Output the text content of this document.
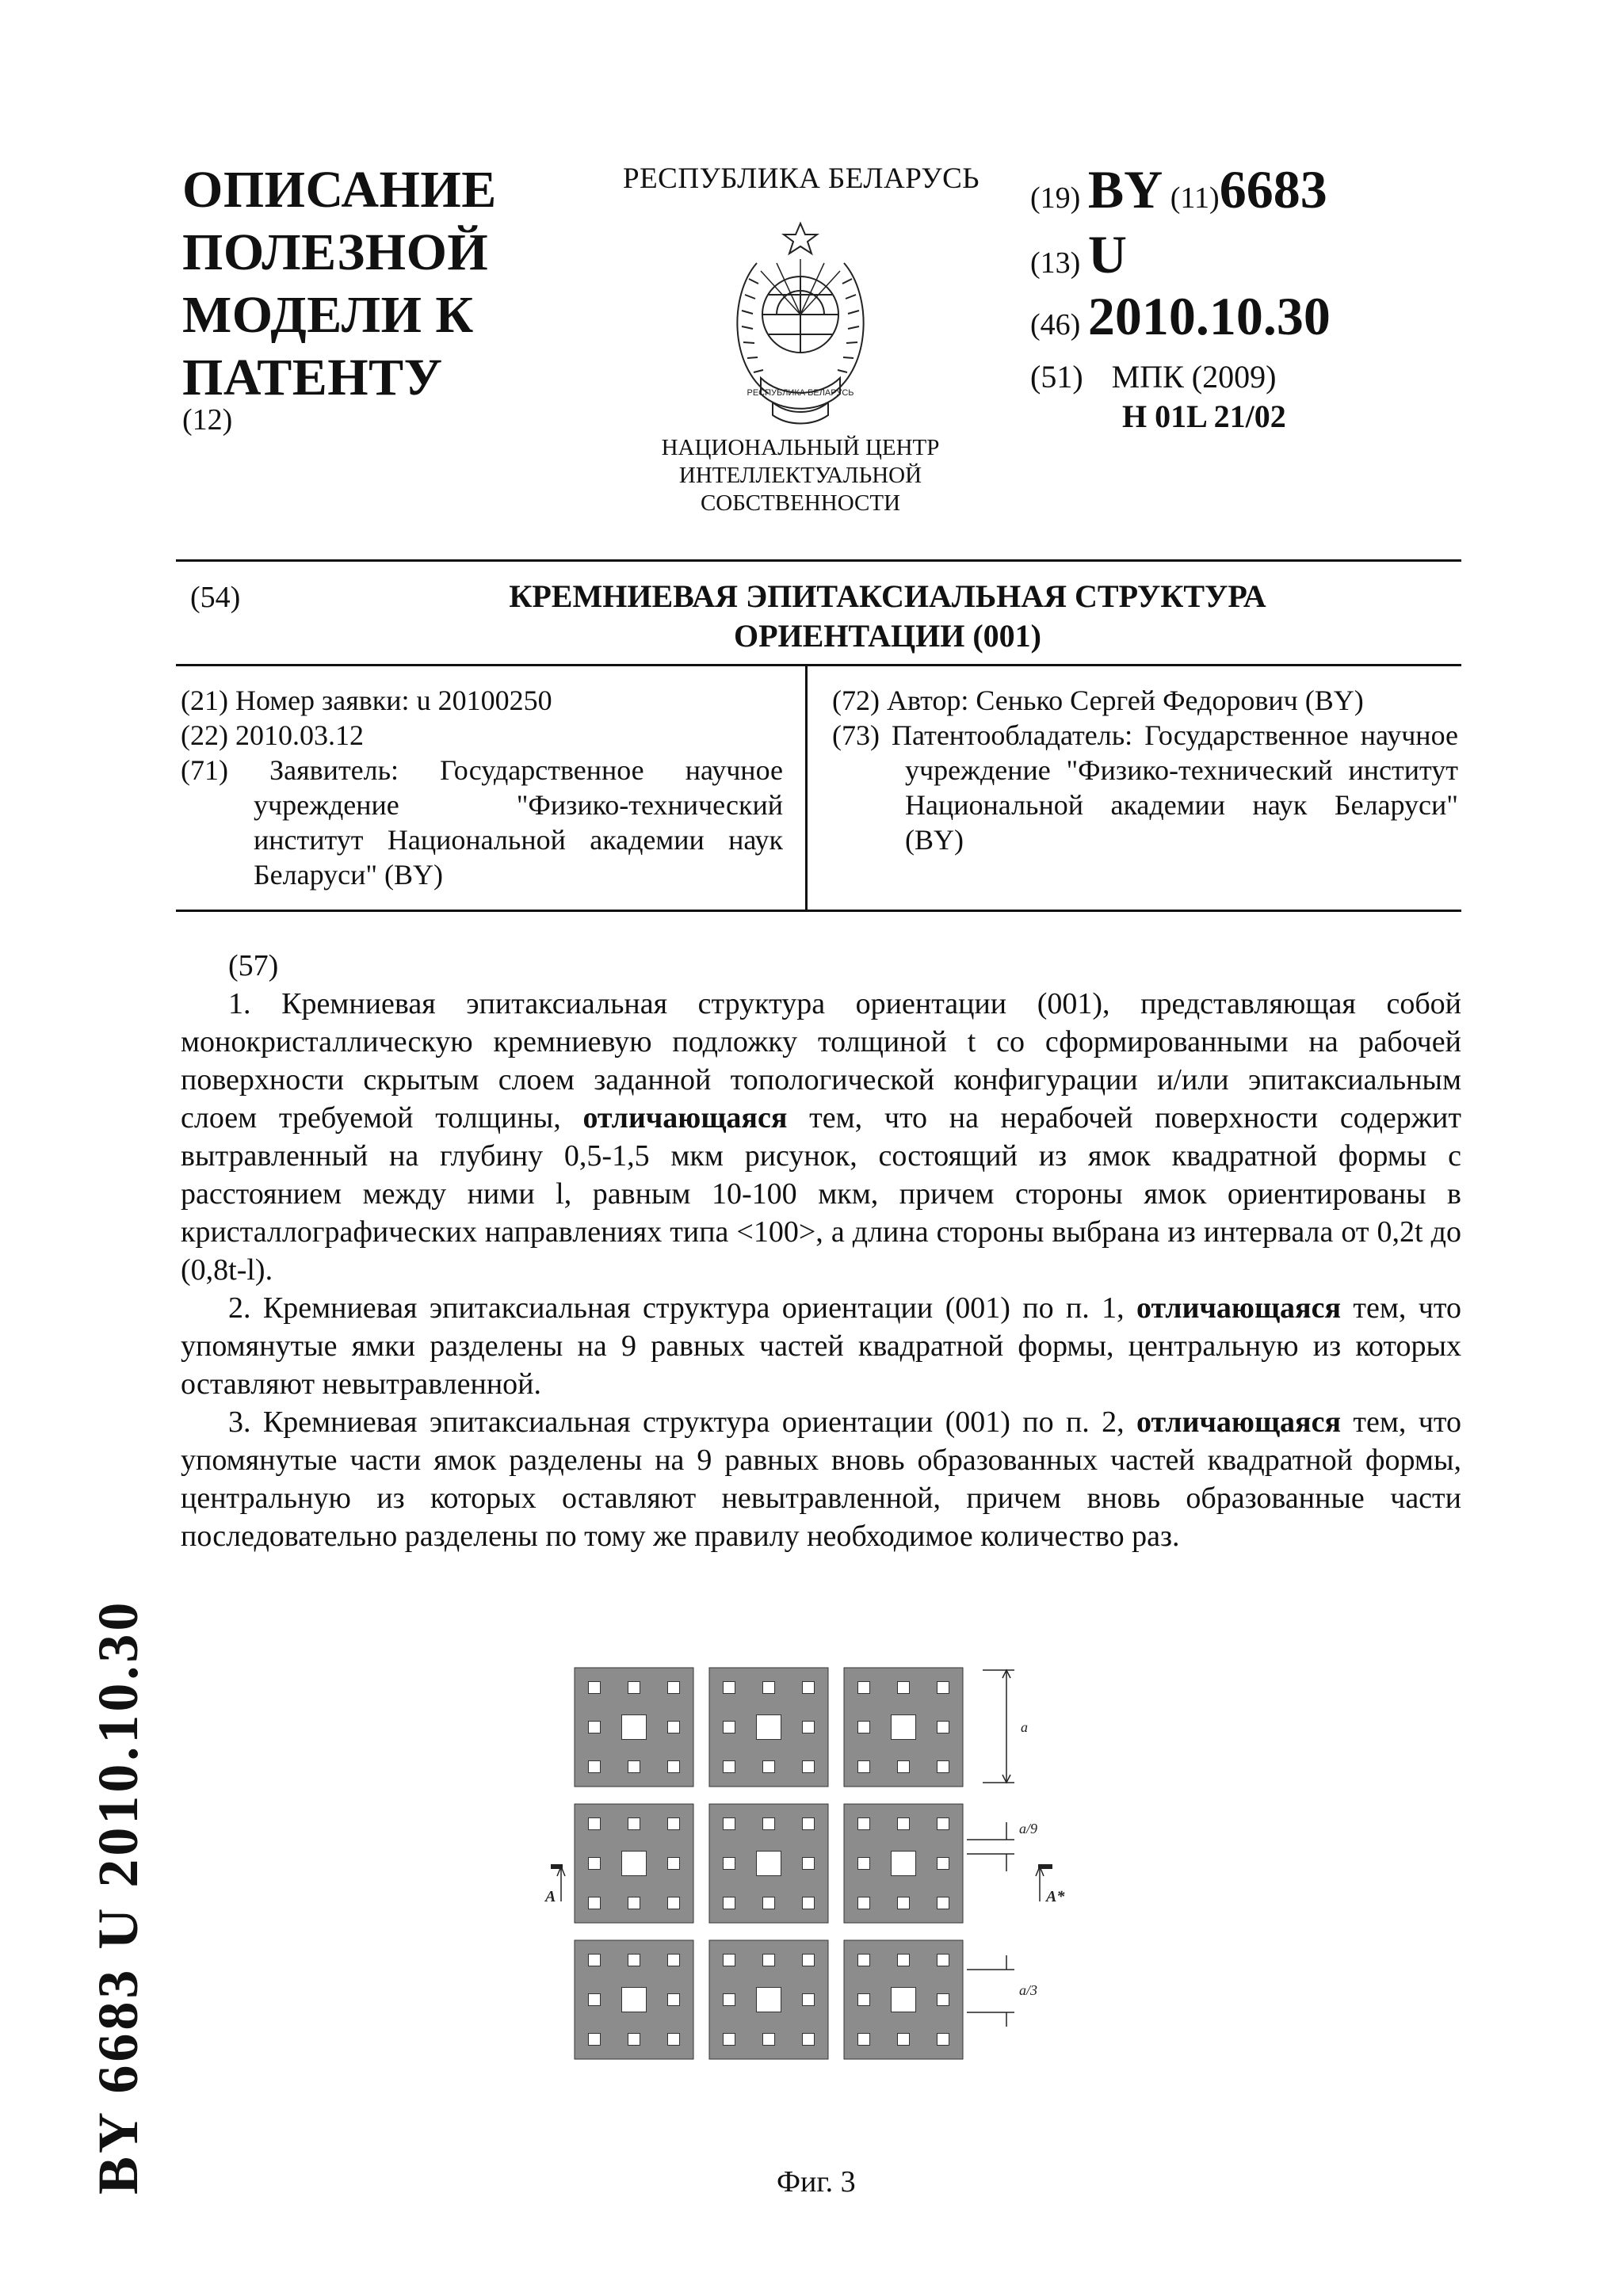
ОПИСАНИЕ
ПОЛЕЗНОЙ
МОДЕЛИ К
ПАТЕНТУ
(12)
РЕСПУБЛИКА БЕЛАРУСЬ
РЕСПУБЛИКА БЕЛАРУСЬ
НАЦИОНАЛЬНЫЙ ЦЕНТР
ИНТЕЛЛЕКТУАЛЬНОЙ
СОБСТВЕННОСТИ
(19) BY (11)6683
(13) U
(46) 2010.10.30
(51) МПК (2009)
H 01L 21/02
(54)	КРЕМНИЕВАЯ ЭПИТАКСИАЛЬНАЯ СТРУКТУРА
ОРИЕНТАЦИИ (001)
(21) Номер заявки: u 20100250
(22) 2010.03.12
(71) Заявитель: Государственное научное учреждение "Физико-технический институт Национальной академии наук Беларуси" (BY)
(72) Автор: Сенько Сергей Федорович (BY)
(73) Патентообладатель: Государственное научное учреждение "Физико-технический институт Национальной академии наук Беларуси" (BY)

(57)

1. Кремниевая эпитаксиальная структура ориентации (001), представляющая собой монокристаллическую кремниевую подложку толщиной t со сформированными на рабочей поверхности скрытым слоем заданной топологической конфигурации и/или эпитаксиальным слоем требуемой толщины, отличающаяся тем, что на нерабочей поверхности содержит вытравленный на глубину 0,5-1,5 мкм рисунок, состоящий из ямок квадратной формы с расстоянием между ними l, равным 10-100 мкм, причем стороны ямок ориентированы в кристаллографических направлениях типа <100>, а длина стороны выбрана из интервала от 0,2t до (0,8t-l).

2. Кремниевая эпитаксиальная структура ориентации (001) по п. 1, отличающаяся тем, что упомянутые ямки разделены на 9 равных частей квадратной формы, центральную из которых оставляют невытравленной.

3. Кремниевая эпитаксиальная структура ориентации (001) по п. 2, отличающаяся тем, что упомянутые части ямок разделены на 9 равных вновь образованных частей квадратной формы, центральную из которых оставляют невытравленной, причем вновь образованные части последовательно разделены по тому же правилу необходимое количество раз.

a
a/9
a/3
A	A*
Фиг. 3
BY 6683 U 2010.10.30
